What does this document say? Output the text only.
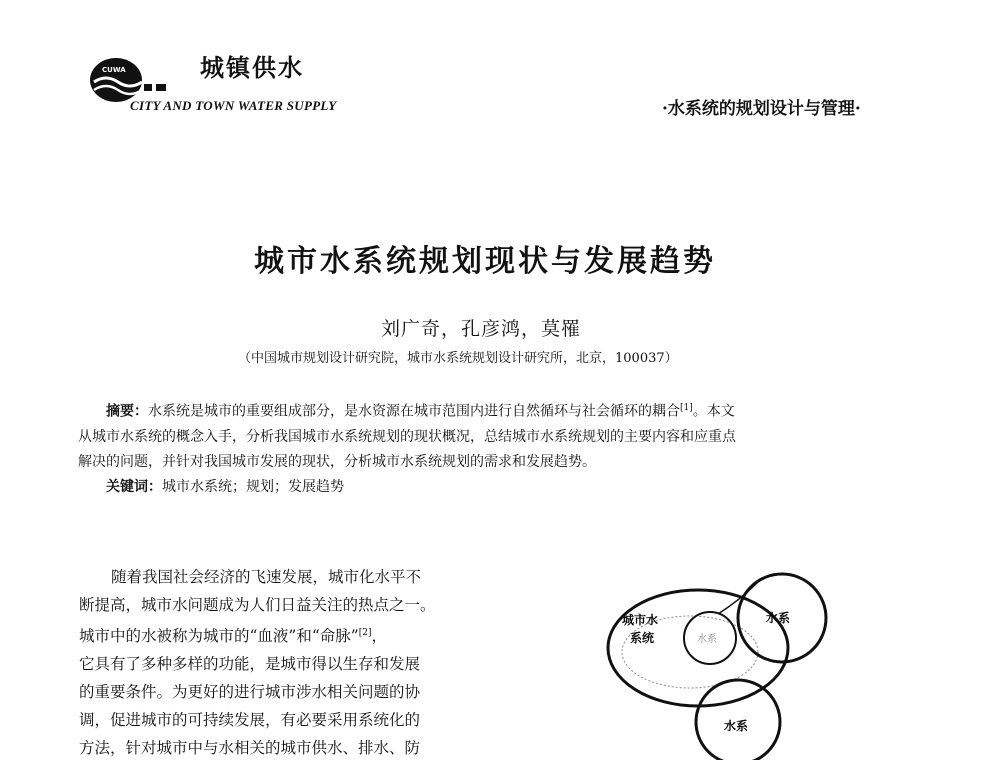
CUWA	城镇供水
CITY AND TOWN WATER SUPPLY	·水系统的规划设计与管理·
城市水系统规划现状与发展趋势
刘广奇，孔彦鸿，莫罹
（中国城市规划设计研究院，城市水系统规划设计研究所，北京，100037）
摘要：水系统是城市的重要组成部分，是水资源在城市范围内进行自然循环与社会循环的耦合[1]。本文
从城市水系统的概念入手，分析我国城市水系统规划的现状概况，总结城市水系统规划的主要内容和应重点
解决的问题，并针对我国城市发展的现状，分析城市水系统规划的需求和发展趋势。
关键词：城市水系统；规划；发展趋势
随着我国社会经济的飞速发展，城市化水平不
断提高，城市水问题成为人们日益关注的热点之一。
城市中的水被称为城市的“血液”和“命脉”[2]，
它具有了多种多样的功能，是城市得以生存和发展
的重要条件。为更好的进行城市涉水相关问题的协
调，促进城市的可持续发展，有必要采用系统化的
方法，针对城市中与水相关的城市供水、排水、防
城市水
系统	水系
水系
水系
